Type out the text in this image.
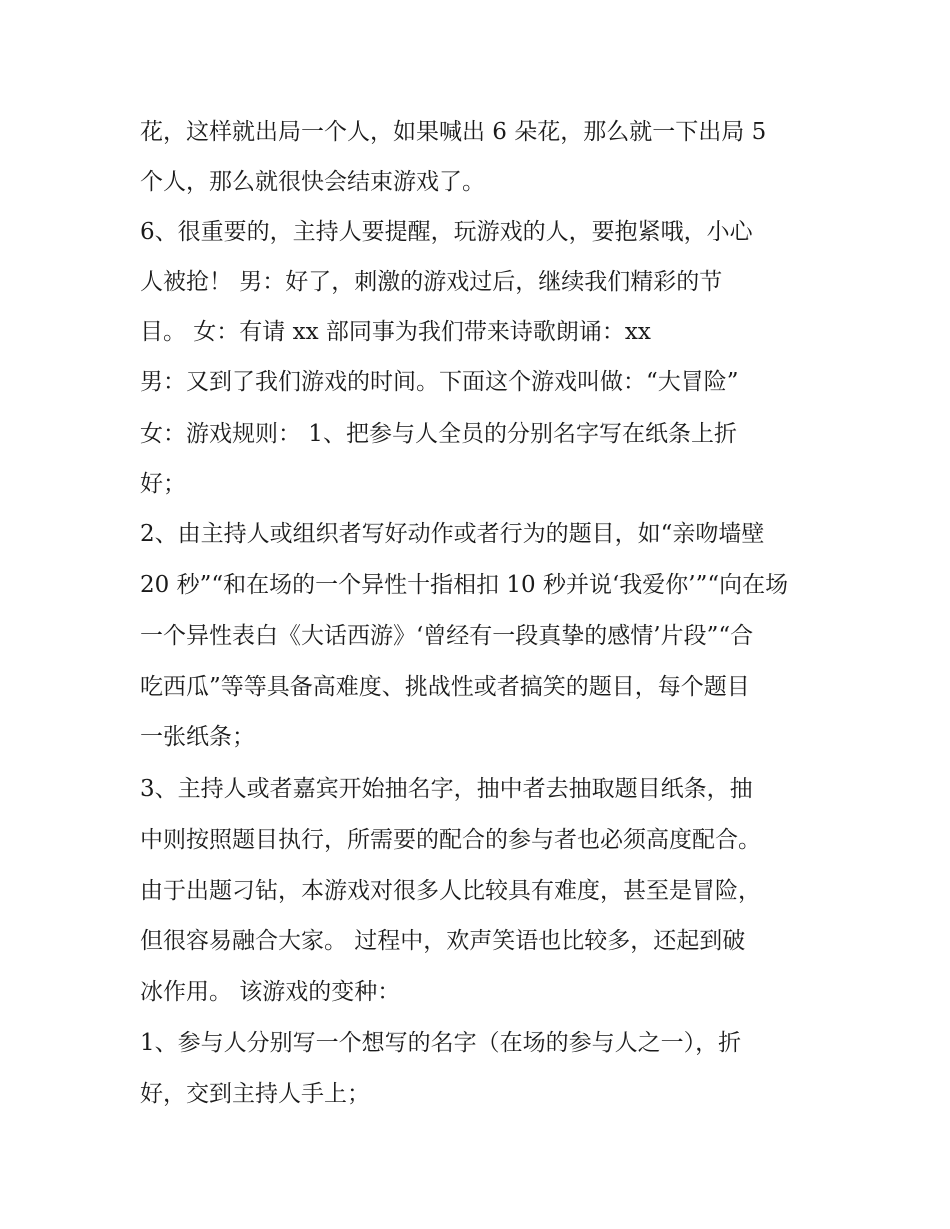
花，这样就出局一个人，如果喊出 6 朵花，那么就一下出局 5

个人，那么就很快会结束游戏了。

6、很重要的，主持人要提醒，玩游戏的人，要抱紧哦，小心

人被抢！ 男：好了，刺激的游戏过后，继续我们精彩的节

目。 女：有请 xx 部同事为我们带来诗歌朗诵：xx

男：又到了我们游戏的时间。下面这个游戏叫做：“大冒险”

女：游戏规则： 1、把参与人全员的分别名字写在纸条上折

好；

2、由主持人或组织者写好动作或者行为的题目，如“亲吻墙壁

20 秒”“和在场的一个异性十指相扣 10 秒并说‘我爱你’”“向在场

一个异性表白《大话西游》‘曾经有一段真挚的感情’片段”“合

吃西瓜”等等具备高难度、挑战性或者搞笑的题目，每个题目

一张纸条；

3、主持人或者嘉宾开始抽名字，抽中者去抽取题目纸条，抽

中则按照题目执行，所需要的配合的参与者也必须高度配合。

由于出题刁钻，本游戏对很多人比较具有难度，甚至是冒险，

但很容易融合大家。 过程中，欢声笑语也比较多，还起到破

冰作用。 该游戏的变种：

1、参与人分别写一个想写的名字（在场的参与人之一），折

好，交到主持人手上；
